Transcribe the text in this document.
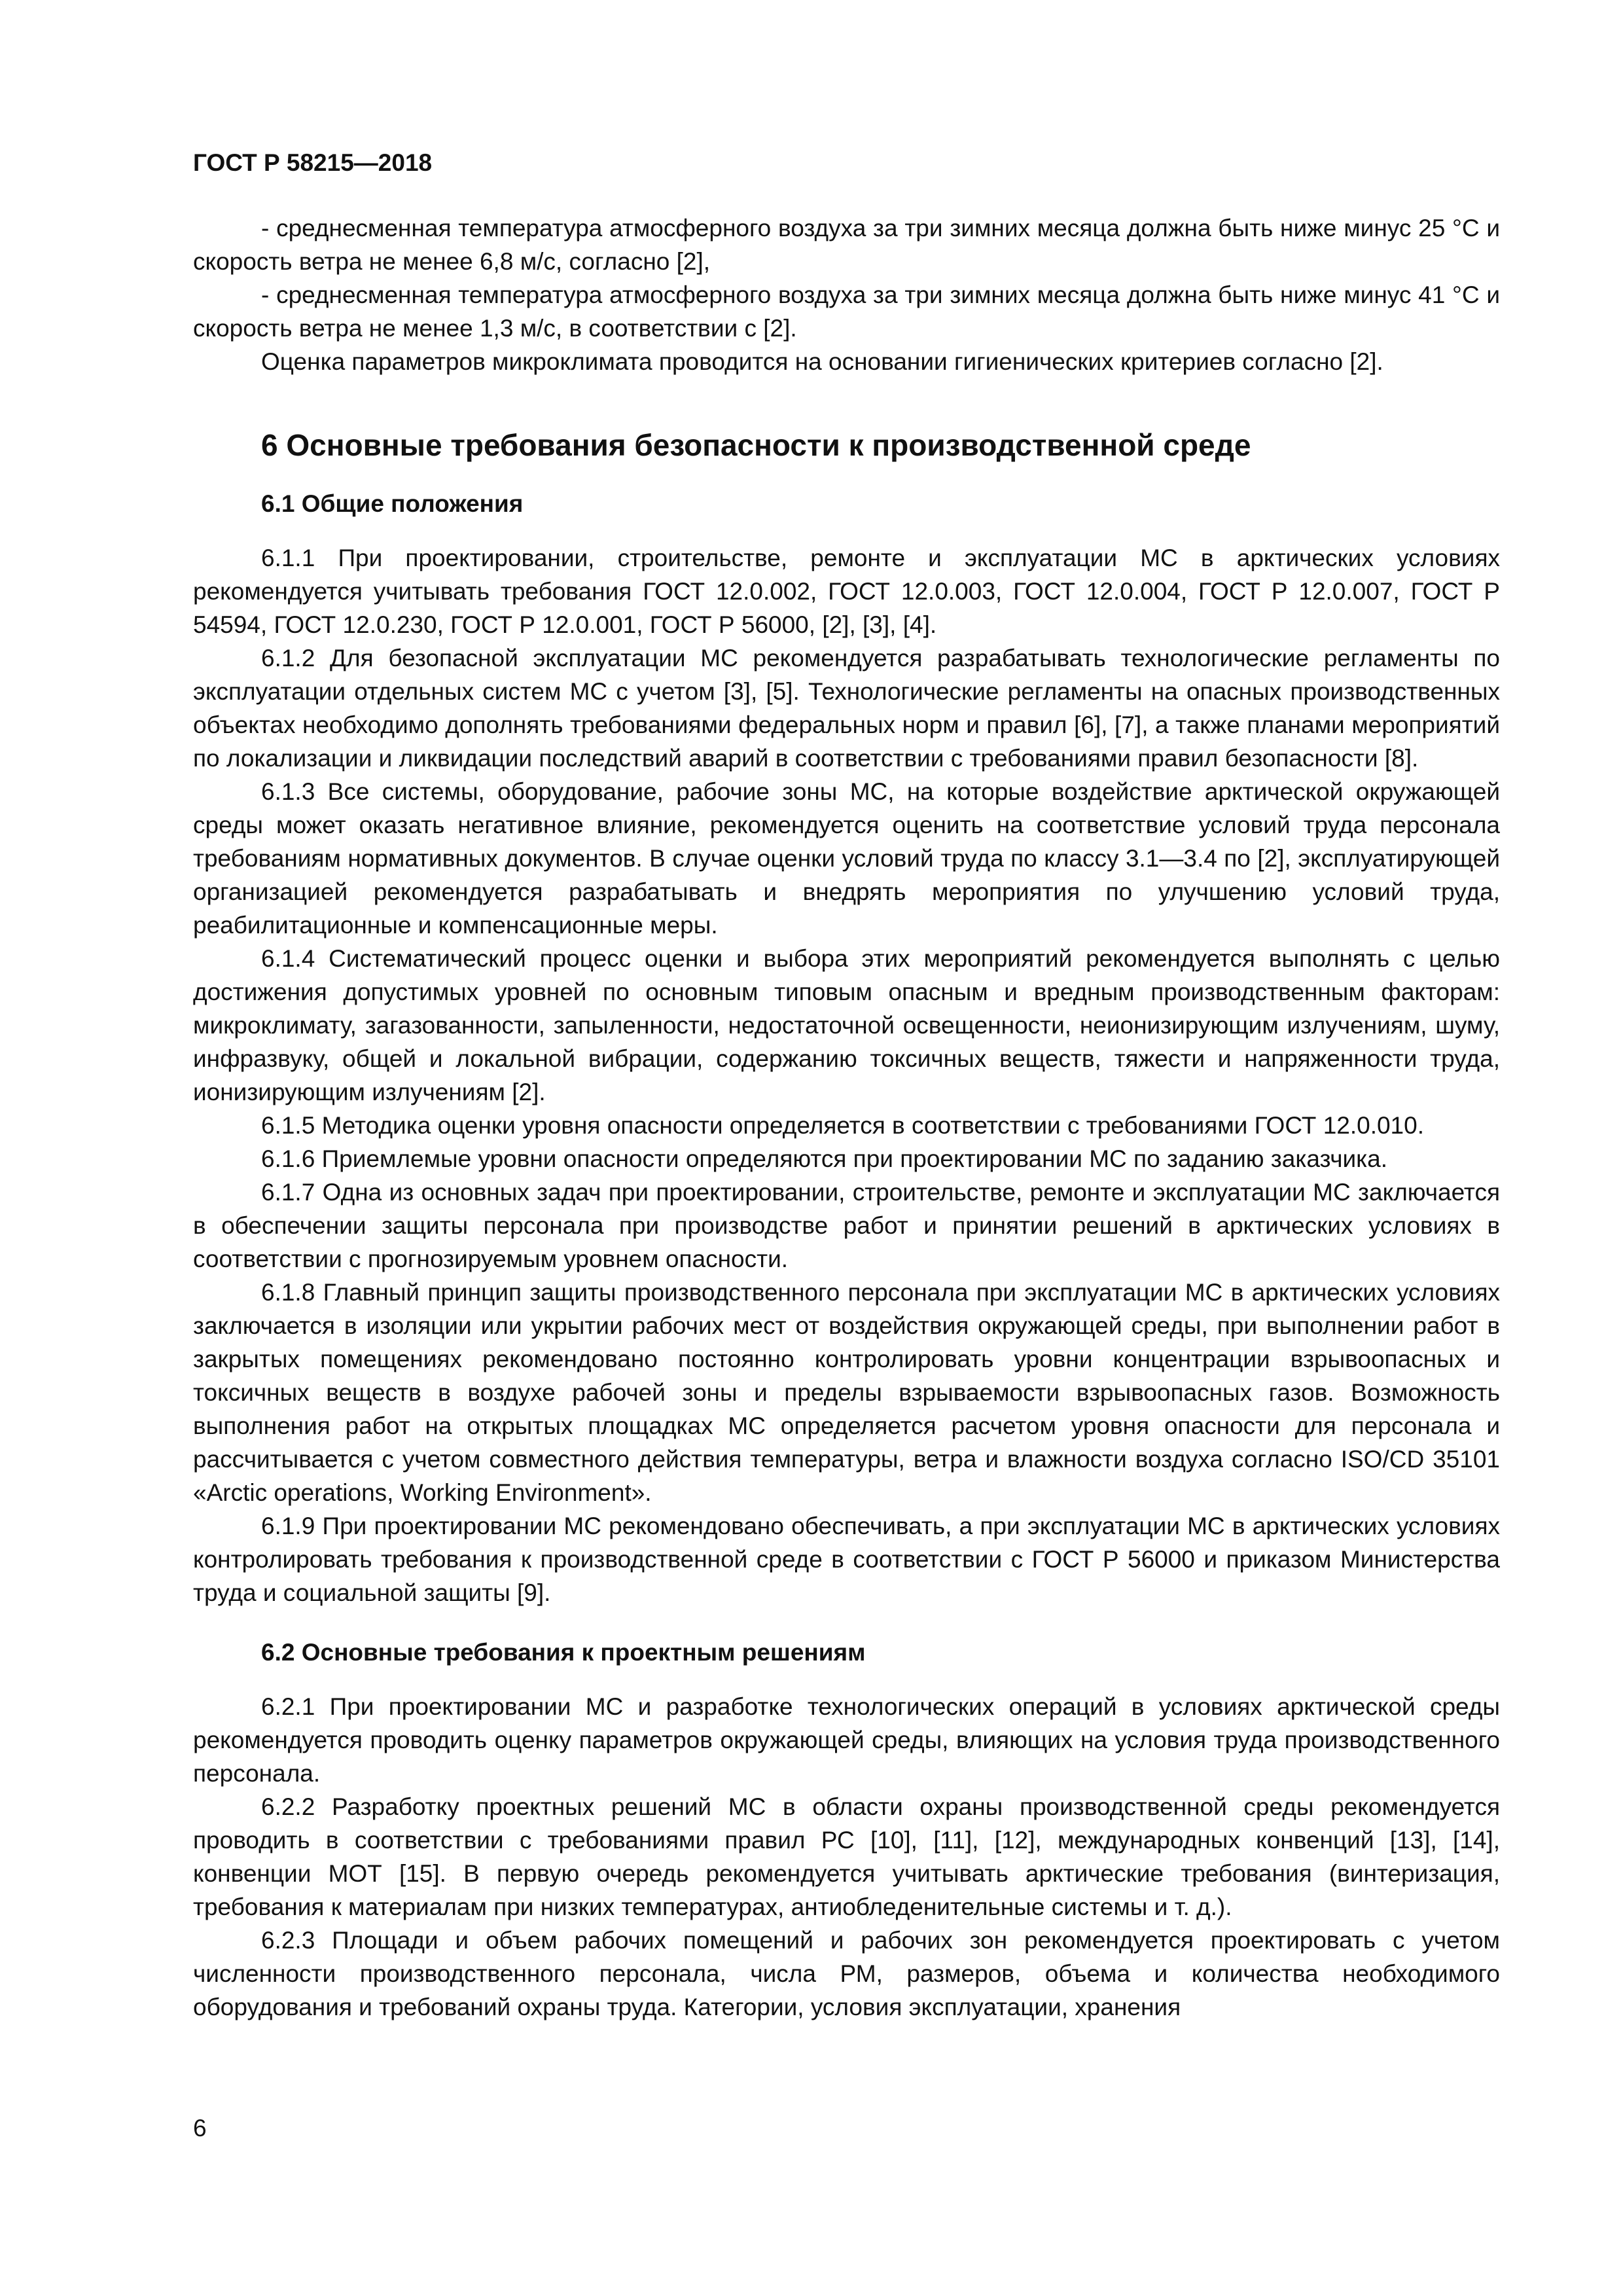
ГОСТ Р 58215—2018

- среднесменная температура атмосферного воздуха за три зимних месяца должна быть ниже минус 25 °С и скорость ветра не менее 6,8 м/с, согласно [2],

- среднесменная температура атмосферного воздуха за три зимних месяца должна быть ниже минус 41 °С и скорость ветра не менее 1,3 м/с, в соответствии с [2].

Оценка параметров микроклимата проводится на основании гигиенических критериев согласно [2].

6 Основные требования безопасности к производственной среде
6.1 Общие положения

6.1.1 При проектировании, строительстве, ремонте и эксплуатации МС в арктических условиях рекомендуется учитывать требования ГОСТ 12.0.002, ГОСТ 12.0.003, ГОСТ 12.0.004, ГОСТ Р 12.0.007, ГОСТ Р 54594, ГОСТ 12.0.230, ГОСТ Р 12.0.001, ГОСТ Р 56000, [2], [3], [4].

6.1.2 Для безопасной эксплуатации МС рекомендуется разрабатывать технологические регламенты по эксплуатации отдельных систем МС с учетом [3], [5]. Технологические регламенты на опасных производственных объектах необходимо дополнять требованиями федеральных норм и правил [6], [7], а также планами мероприятий по локализации и ликвидации последствий аварий в соответствии с требованиями правил безопасности [8].

6.1.3 Все системы, оборудование, рабочие зоны МС, на которые воздействие арктической окружающей среды может оказать негативное влияние, рекомендуется оценить на соответствие условий труда персонала требованиям нормативных документов. В случае оценки условий труда по классу 3.1—3.4 по [2], эксплуатирующей организацией рекомендуется разрабатывать и внедрять мероприятия по улучшению условий труда, реабилитационные и компенсационные меры.

6.1.4 Систематический процесс оценки и выбора этих мероприятий рекомендуется выполнять с целью достижения допустимых уровней по основным типовым опасным и вредным производственным факторам: микроклимату, загазованности, запыленности, недостаточной освещенности, неионизирующим излучениям, шуму, инфразвуку, общей и локальной вибрации, содержанию токсичных веществ, тяжести и напряженности труда, ионизирующим излучениям [2].

6.1.5 Методика оценки уровня опасности определяется в соответствии с требованиями ГОСТ 12.0.010.

6.1.6 Приемлемые уровни опасности определяются при проектировании МС по заданию заказчика.

6.1.7 Одна из основных задач при проектировании, строительстве, ремонте и эксплуатации МС заключается в обеспечении защиты персонала при производстве работ и принятии решений в арктических условиях в соответствии с прогнозируемым уровнем опасности.

6.1.8 Главный принцип защиты производственного персонала при эксплуатации МС в арктических условиях заключается в изоляции или укрытии рабочих мест от воздействия окружающей среды, при выполнении работ в закрытых помещениях рекомендовано постоянно контролировать уровни концентрации взрывоопасных и токсичных веществ в воздухе рабочей зоны и пределы взрываемости взрывоопасных газов. Возможность выполнения работ на открытых площадках МС определяется расчетом уровня опасности для персонала и рассчитывается с учетом совместного действия температуры, ветра и влажности воздуха согласно ISO/CD 35101 «Arctic operations, Working Environment».

6.1.9 При проектировании МС рекомендовано обеспечивать, а при эксплуатации МС в арктических условиях контролировать требования к производственной среде в соответствии с ГОСТ Р 56000 и приказом Министерства труда и социальной защиты [9].

6.2 Основные требования к проектным решениям

6.2.1 При проектировании МС и разработке технологических операций в условиях арктической среды рекомендуется проводить оценку параметров окружающей среды, влияющих на условия труда производственного персонала.

6.2.2 Разработку проектных решений МС в области охраны производственной среды рекомендуется проводить в соответствии с требованиями правил РС [10], [11], [12], международных конвенций [13], [14], конвенции МОТ [15]. В первую очередь рекомендуется учитывать арктические требования (винтеризация, требования к материалам при низких температурах, антиобледенительные системы и т. д.).

6.2.3 Площади и объем рабочих помещений и рабочих зон рекомендуется проектировать с учетом численности производственного персонала, числа РМ, размеров, объема и количества необходимого оборудования и требований охраны труда. Категории, условия эксплуатации, хранения

6
